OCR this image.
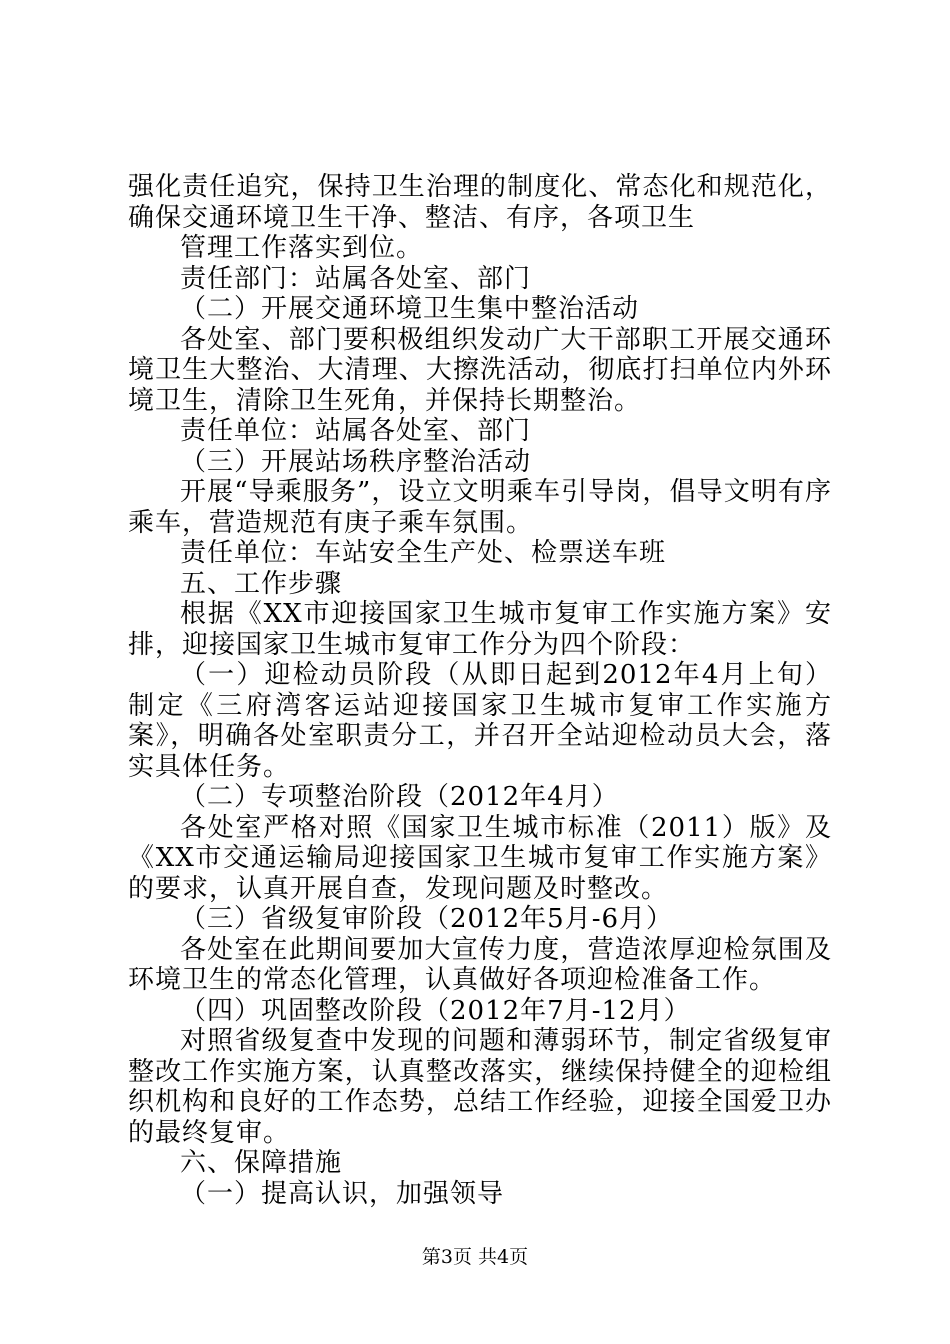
强化责任追究，保持卫生治理的制度化、常态化和规范化，确保交通环境卫生干净、整洁、有序，各项卫生

管理工作落实到位。

责任部门：站属各处室、部门

（二）开展交通环境卫生集中整治活动

各处室、部门要积极组织发动广大干部职工开展交通环境卫生大整治、大清理、大擦洗活动，彻底打扫单位内外环境卫生，清除卫生死角，并保持长期整治。

责任单位：站属各处室、部门

（三）开展站场秩序整治活动

开展“导乘服务”，设立文明乘车引导岗，倡导文明有序乘车，营造规范有庚子乘车氛围。

责任单位：车站安全生产处、检票送车班

五、工作步骤

根据《XX市迎接国家卫生城市复审工作实施方案》安排，迎接国家卫生城市复审工作分为四个阶段：

（一）迎检动员阶段（从即日起到2012年4月上旬）制定《三府湾客运站迎接国家卫生城市复审工作实施方案》，明确各处室职责分工，并召开全站迎检动员大会，落实具体任务。

（二）专项整治阶段（2012年4月）

各处室严格对照《国家卫生城市标准（2011）版》及《XX市交通运输局迎接国家卫生城市复审工作实施方案》的要求，认真开展自查，发现问题及时整改。

（三）省级复审阶段（2012年5月-6月）

各处室在此期间要加大宣传力度，营造浓厚迎检氛围及环境卫生的常态化管理，认真做好各项迎检准备工作。

（四）巩固整改阶段（2012年7月-12月）

对照省级复查中发现的问题和薄弱环节，制定省级复审整改工作实施方案，认真整改落实，继续保持健全的迎检组织机构和良好的工作态势，总结工作经验，迎接全国爱卫办的最终复审。

六、保障措施

（一）提高认识，加强领导

第3页 共4页
